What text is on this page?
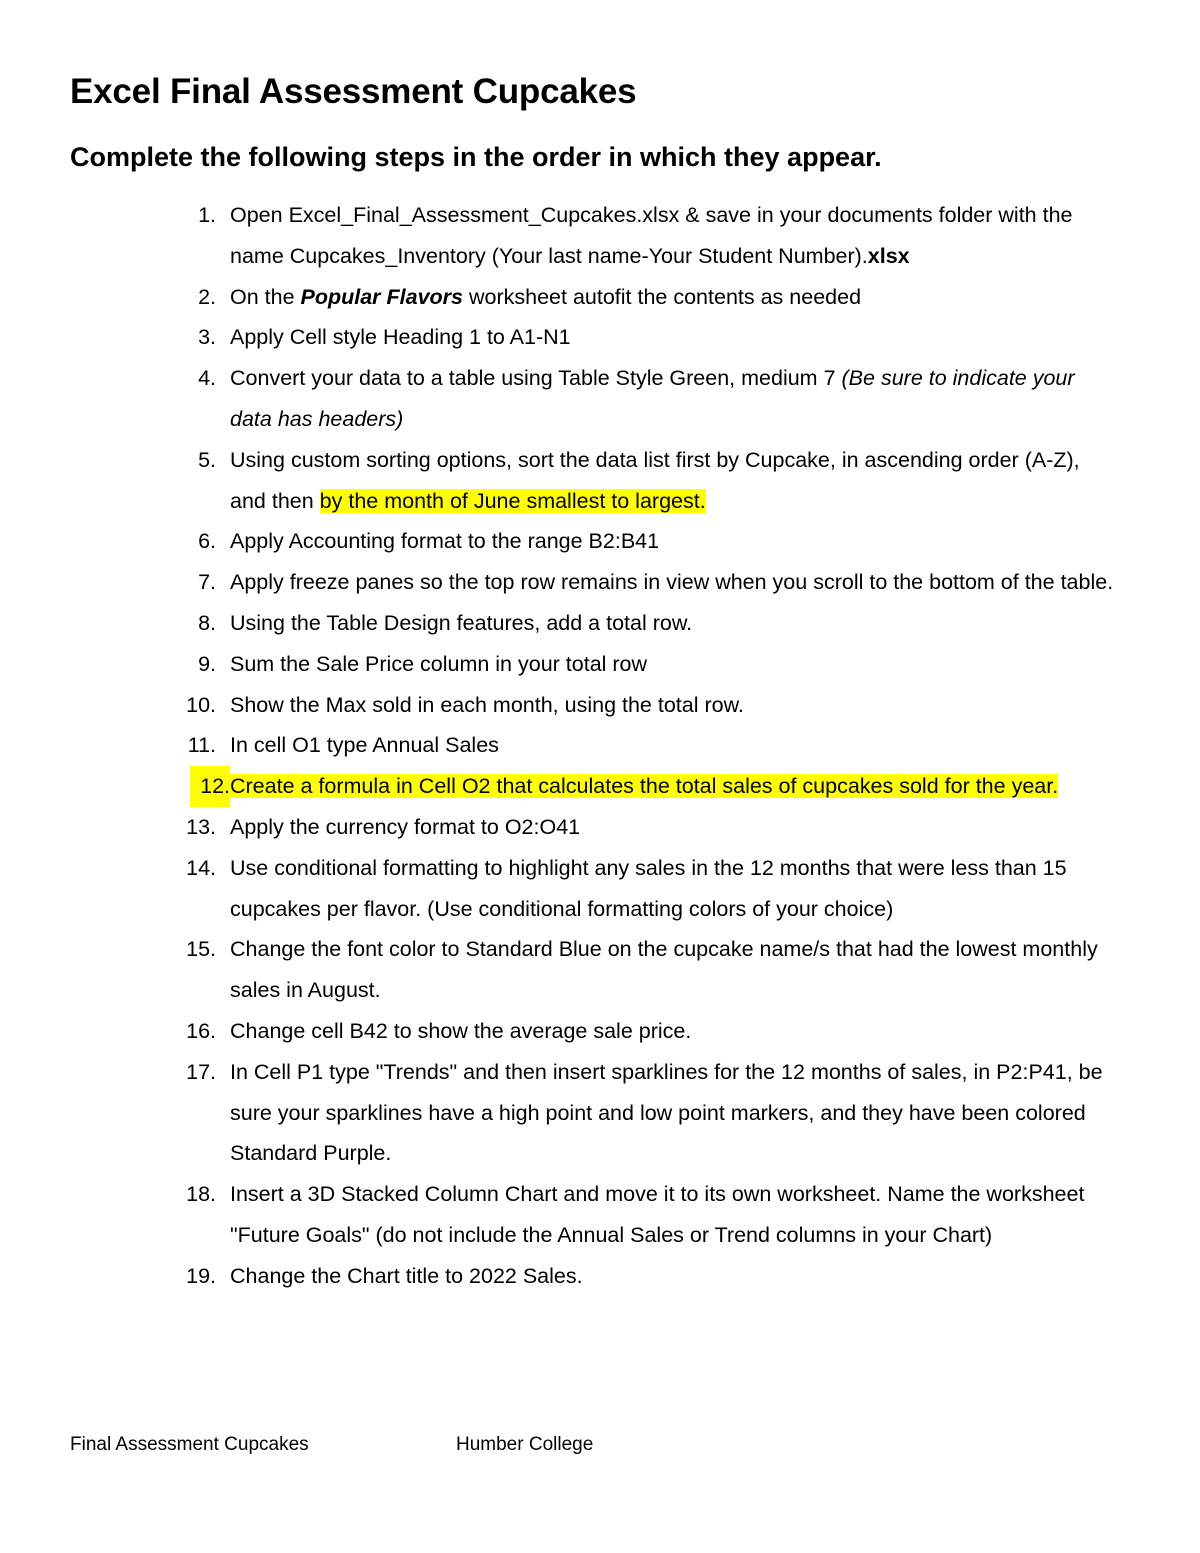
Excel Final Assessment Cupcakes
Complete the following steps in the order in which they appear.
1. Open Excel_Final_Assessment_Cupcakes.xlsx & save in your documents folder with the name Cupcakes_Inventory (Your last name-Your Student Number).xlsx
2. On the Popular Flavors worksheet autofit the contents as needed
3. Apply Cell style Heading 1 to A1-N1
4. Convert your data to a table using Table Style Green, medium 7 (Be sure to indicate your data has headers)
5. Using custom sorting options, sort the data list first by Cupcake, in ascending order (A-Z), and then by the month of June smallest to largest.
6. Apply Accounting format to the range B2:B41
7. Apply freeze panes so the top row remains in view when you scroll to the bottom of the table.
8. Using the Table Design features, add a total row.
9. Sum the Sale Price column in your total row
10. Show the Max sold in each month, using the total row.
11. In cell O1 type Annual Sales
12. Create a formula in Cell O2 that calculates the total sales of cupcakes sold for the year.
13. Apply the currency format to O2:O41
14. Use conditional formatting to highlight any sales in the 12 months that were less than 15 cupcakes per flavor. (Use conditional formatting colors of your choice)
15. Change the font color to Standard Blue on the cupcake name/s that had the lowest monthly sales in August.
16. Change cell B42 to show the average sale price.
17. In Cell P1 type "Trends" and then insert sparklines for the 12 months of sales, in P2:P41, be sure your sparklines have a high point and low point markers, and they have been colored Standard Purple.
18. Insert a 3D Stacked Column Chart and move it to its own worksheet. Name the worksheet "Future Goals" (do not include the Annual Sales or Trend columns in your Chart)
19. Change the Chart title to 2022 Sales.
Final Assessment Cupcakes	Humber College
